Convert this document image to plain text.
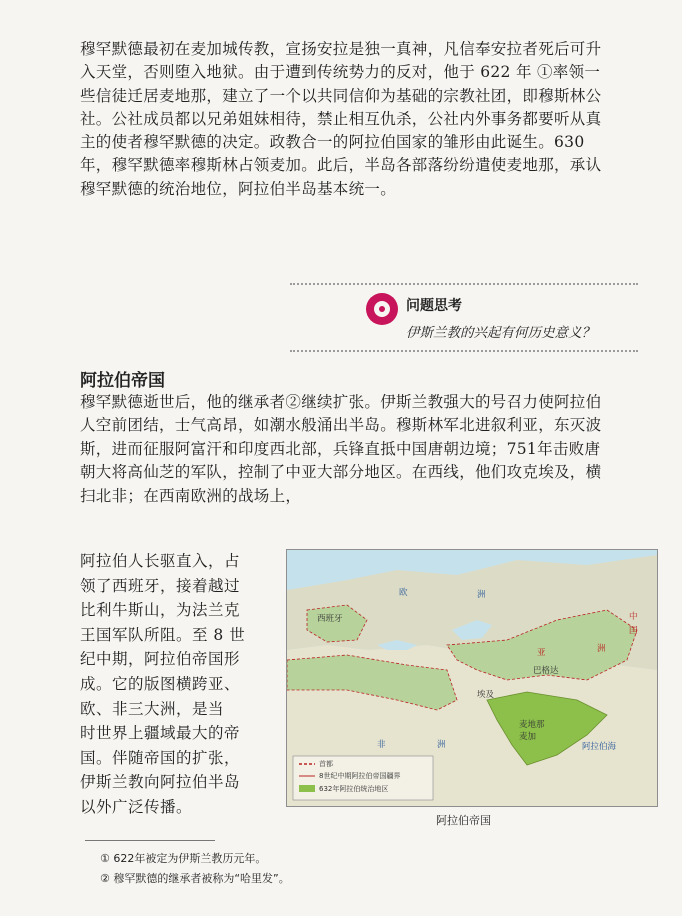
穆罕默德最初在麦加城传教，宣扬安拉是独一真神，凡信奉安拉者死后可升入天堂，否则堕入地狱。由于遭到传统势力的反对，他于 622 年 ①率领一些信徒迁居麦地那，建立了一个以共同信仰为基础的宗教社团，即穆斯林公社。公社成员都以兄弟姐妹相待，禁止相互仇杀，公社内外事务都要听从真主的使者穆罕默德的决定。政教合一的阿拉伯国家的雏形由此诞生。630 年，穆罕默德率穆斯林占领麦加。此后，半岛各部落纷纷遣使麦地那，承认穆罕默德的统治地位，阿拉伯半岛基本统一。

问题思考
伊斯兰教的兴起有何历史意义？
阿拉伯帝国

穆罕默德逝世后，他的继承者②继续扩张。伊斯兰教强大的号召力使阿拉伯人空前团结，士气高昂，如潮水般涌出半岛。穆斯林军北进叙利亚，东灭波斯，进而征服阿富汗和印度西北部，兵锋直抵中国唐朝边境；751年击败唐朝大将高仙芝的军队，控制了中亚大部分地区。在西线，他们攻克埃及，横扫北非；在西南欧洲的战场上，

阿拉伯人长驱直入，占
领了西班牙，接着越过
比利牛斯山，为法兰克
王国军队所阻。至 8 世
纪中期，阿拉伯帝国形
成。它的版图横跨亚、
欧、非三大洲，是当
时世界上疆域最大的帝
国。伴随帝国的扩张，
伊斯兰教向阿拉伯半岛
以外广泛传播。
西班牙
欧	洲
亚	洲
巴格达
埃及
非	洲
麦地那
麦加
阿拉伯海
中
国
首都
8世纪中期阿拉伯帝国疆界
632年阿拉伯统治地区
阿拉伯帝国
① 622年被定为伊斯兰教历元年。
② 穆罕默德的继承者被称为“哈里发”。
